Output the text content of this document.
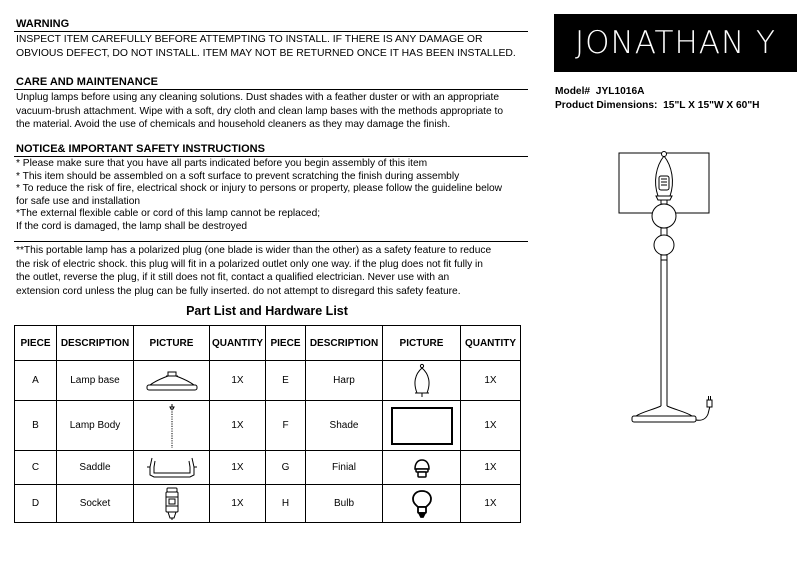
WARNING
INSPECT ITEM CAREFULLY BEFORE ATTEMPTING TO INSTALL. IF THERE IS ANY DAMAGE OR
OBVIOUS DEFECT, DO NOT INSTALL. ITEM MAY NOT BE RETURNED ONCE IT HAS BEEN INSTALLED.
CARE AND MAINTENANCE
Unplug lamps before using any cleaning solutions. Dust shades with a feather duster or with an appropriate
vacuum-brush attachment. Wipe with a soft, dry cloth and clean lamp bases with the methods appropriate to
the material. Avoid the use of chemicals and household cleaners as they may damage the finish.
NOTICE& IMPORTANT SAFETY INSTRUCTIONS
* Please make sure that you have all parts indicated before you begin assembly of this item
* This item should be assembled on a soft surface to prevent scratching the finish during assembly
* To reduce the risk of fire, electrical shock or injury to persons or property, please follow the guideline below
for safe use and installation
*The external flexible cable or cord of this lamp cannot be replaced;
If the cord is damaged, the lamp shall be destroyed
**This portable lamp has a polarized plug (one blade is wider than the other) as a safety feature to reduce
the risk of electric shock. this plug will fit in a polarized outlet only one way. if the plug does not fit fully in
the outlet, reverse the plug, if it still does not fit, contact a qualified electrician. Never use with an
extension cord unless the plug can be fully inserted. do not attempt to disregard this safety feature.
JONATHAN Y
Model# JYL1016A
Product Dimensions: 15"L X 15"W X 60"H
Part List and Hardware List
PIECE	DESCRIPTION	PICTURE	QUANTITY	PIECE	DESCRIPTION	PICTURE	QUANTITY
A	Lamp base		1X	E	Harp		1X
B	Lamp Body		1X	F	Shade		1X
C	Saddle		1X	G	Finial		1X
D	Socket		1X	H	Bulb		1X
